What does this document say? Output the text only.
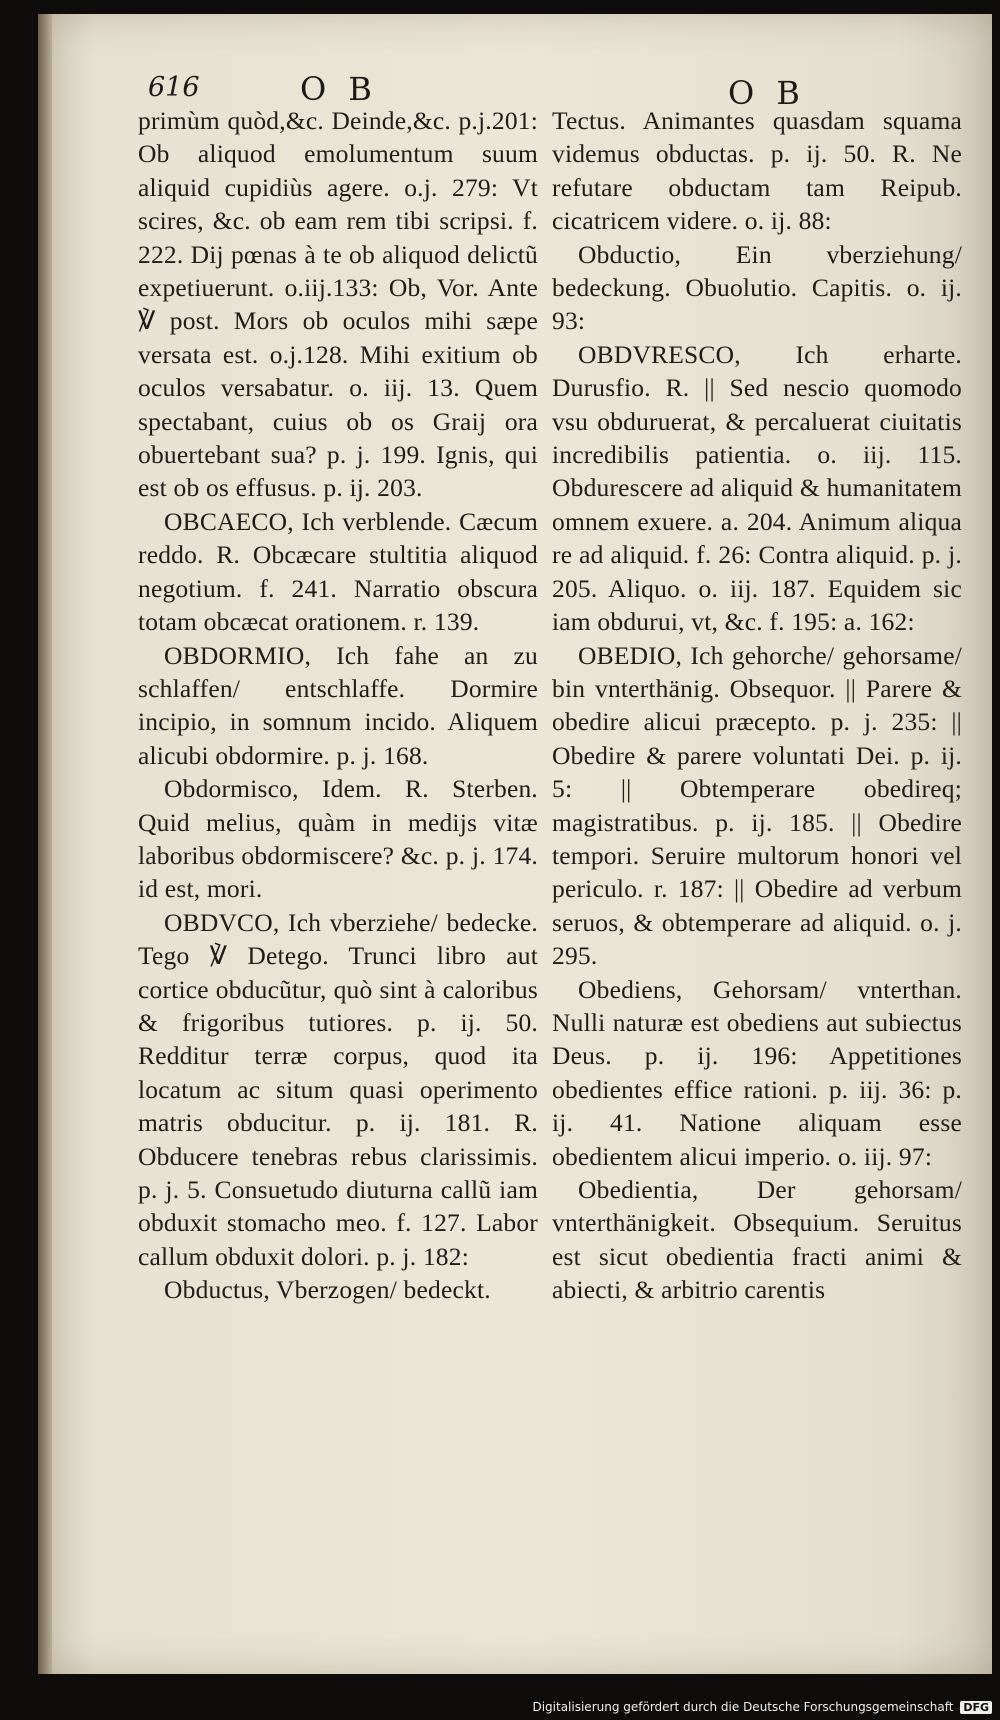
616	O B	O B

primùm quòd,&c. Deinde,&c. p.j.201: Ob aliquod emolumentum suum aliquid cupidiùs agere. o.j. 279: Vt scires, &c. ob eam rem tibi scripsi. f. 222. Dij pœnas à te ob aliquod delictũ expetiuerunt. o.iij.133: Ob, Vor. Ante ℣ post. Mors ob oculos mihi sæpe versata est. o.j.128. Mihi exitium ob oculos versabatur. o. iij. 13. Quem spectabant, cuius ob os Graij ora obuertebant sua? p. j. 199. Ignis, qui est ob os effusus. p. ij. 203.

OBCAECO, Ich verblende. Cæcum reddo. R. Obcæcare stultitia aliquod negotium. f. 241. Narratio obscura totam obcæcat orationem. r. 139.

OBDORMIO, Ich fahe an zu schlaffen/ entschlaffe. Dormire incipio, in somnum incido. Aliquem alicubi obdormire. p. j. 168.

Obdormisco, Idem. R. Sterben. Quid melius, quàm in medijs vitæ laboribus obdormiscere? &c. p. j. 174. id est, mori.

OBDVCO, Ich vberziehe/ bedecke. Tego ℣ Detego. Trunci libro aut cortice obducũtur, quò sint à caloribus & frigoribus tutiores. p. ij. 50. Redditur terræ corpus, quod ita locatum ac situm quasi operimento matris obducitur. p. ij. 181. R. Obducere tenebras rebus clarissimis. p. j. 5. Consuetudo diuturna callũ iam obduxit stomacho meo. f. 127. Labor callum obduxit dolori. p. j. 182:

Obductus, Vberzogen/ bedeckt.

Tectus. Animantes quasdam squama videmus obductas. p. ij. 50. R. Ne refutare obductam tam Reipub. cicatricem videre. o. ij. 88:

Obductio, Ein vberziehung/ bedeckung. Obuolutio. Capitis. o. ij. 93:

OBDVRESCO, Ich erharte. Durusfio. R. || Sed nescio quomodo vsu obduruerat, & percaluerat ciuitatis incredibilis patientia. o. iij. 115. Obdurescere ad aliquid & humanitatem omnem exuere. a. 204. Animum aliqua re ad aliquid. f. 26: Contra aliquid. p. j. 205. Aliquo. o. iij. 187. Equidem sic iam obdurui, vt, &c. f. 195: a. 162:

OBEDIO, Ich gehorche/ gehorsame/ bin vnterthänig. Obsequor. || Parere & obedire alicui præcepto. p. j. 235: || Obedire & parere voluntati Dei. p. ij. 5: || Obtemperare obedireq; magistratibus. p. ij. 185. || Obedire tempori. Seruire multorum honori vel periculo. r. 187: || Obedire ad verbum seruos, & obtemperare ad aliquid. o. j. 295.

Obediens, Gehorsam/ vnterthan. Nulli naturæ est obediens aut subiectus Deus. p. ij. 196: Appetitiones obedientes effice rationi. p. iij. 36: p. ij. 41. Natione aliquam esse obedientem alicui imperio. o. iij. 97:

Obedientia, Der gehorsam/ vnterthänigkeit. Obsequium. Seruitus est sicut obedientia fracti animi & abiecti, & arbitrio carentis

Digitalisierung gefördert durch die Deutsche Forschungsgemeinschaft DFG
